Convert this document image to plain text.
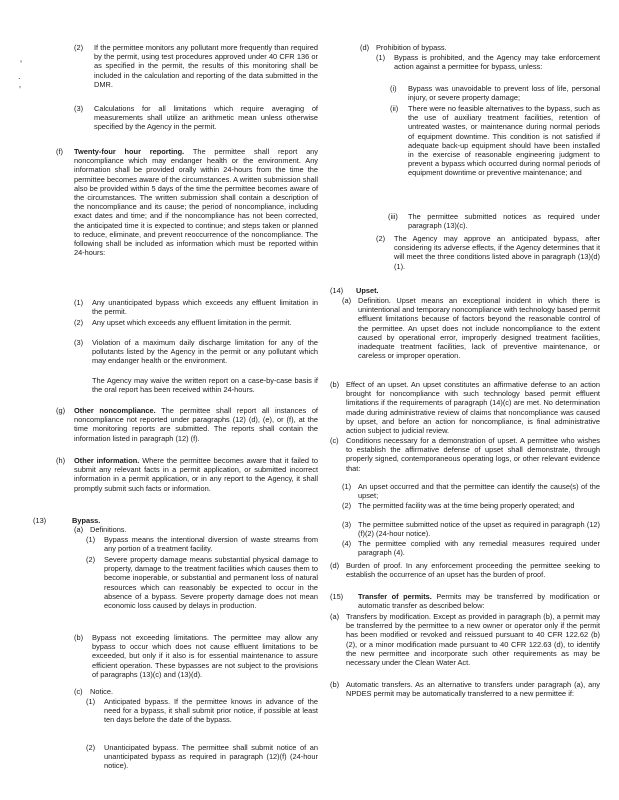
’
.
ʼ
(2) If the permittee monitors any pollutant more frequently than required by the permit, using test procedures approved under 40 CFR 136 or as specified in the permit, the results of this monitoring shall be included in the calculation and reporting of the data submitted in the DMR.
(3) Calculations for all limitations which require averaging of measurements shall utilize an arithmetic mean unless otherwise specified by the Agency in the permit.
(f) Twenty-four hour reporting. The permittee shall report any noncompliance which may endanger health or the environment. Any information shall be provided orally within 24-hours from the time the permittee becomes aware of the circumstances. A written submission shall also be provided within 5 days of the time the permittee becomes aware of the circumstances. The written submission shall contain a description of the noncompliance and its cause; the period of noncompliance, including exact dates and time; and if the noncompliance has not been corrected, the anticipated time it is expected to continue; and steps taken or planned to reduce, eliminate, and prevent reoccurrence of the noncompliance. The following shall be included as information which must be reported within 24-hours:
(1) Any unanticipated bypass which exceeds any effluent limitation in the permit.
(2) Any upset which exceeds any effluent limitation in the permit.
(3) Violation of a maximum daily discharge limitation for any of the pollutants listed by the Agency in the permit or any pollutant which may endanger health or the environment.
The Agency may waive the written report on a case-by-case basis if the oral report has been received within 24-hours.
(g) Other noncompliance. The permittee shall report all instances of noncompliance not reported under paragraphs (12) (d), (e), or (f), at the time monitoring reports are submitted. The reports shall contain the information listed in paragraph (12) (f).
(h) Other information. Where the permittee becomes aware that it failed to submit any relevant facts in a permit application, or submitted incorrect information in a permit application, or in any report to the Agency, it shall promptly submit such facts or information.
(13)	Bypass.
(a) Definitions.
(1) Bypass means the intentional diversion of waste streams from any portion of a treatment facility.
(2) Severe property damage means substantial physical damage to property, damage to the treatment facilities which causes them to become inoperable, or substantial and permanent loss of natural resources which can reasonably be expected to occur in the absence of a bypass. Severe property damage does not mean economic loss caused by delays in production.
(b) Bypass not exceeding limitations. The permittee may allow any bypass to occur which does not cause effluent limitations to be exceeded, but only if it also is for essential maintenance to assure efficient operation. These bypasses are not subject to the provisions of paragraphs (13)(c) and (13)(d).
(c) Notice.
(1) Anticipated bypass. If the permittee knows in advance of the need for a bypass, it shall submit prior notice, if possible at least ten days before the date of the bypass.
(2) Unanticipated bypass. The permittee shall submit notice of an unanticipated bypass as required in paragraph (12)(f) (24-hour notice).
(d) Prohibition of bypass.
(1) Bypass is prohibited, and the Agency may take enforcement action against a permittee for bypass, unless:
(i) Bypass was unavoidable to prevent loss of life, personal injury, or severe property damage;
(ii) There were no feasible alternatives to the bypass, such as the use of auxiliary treatment facilities, retention of untreated wastes, or maintenance during normal periods of equipment downtime. This condition is not satisfied if adequate back-up equipment should have been installed in the exercise of reasonable engineering judgment to prevent a bypass which occurred during normal periods of equipment downtime or preventive maintenance; and
(iii) The permittee submitted notices as required under paragraph (13)(c).
(2) The Agency may approve an anticipated bypass, after considering its adverse effects, if the Agency determines that it will meet the three conditions listed above in paragraph (13)(d)(1).
(14) Upset.
(a) Definition. Upset means an exceptional incident in which there is unintentional and temporary noncompliance with technology based permit effluent limitations because of factors beyond the reasonable control of the permittee. An upset does not include noncompliance to the extent caused by operational error, improperly designed treatment facilities, inadequate treatment facilities, lack of preventive maintenance, or careless or improper operation.
(b) Effect of an upset. An upset constitutes an affirmative defense to an action brought for noncompliance with such technology based permit effluent limitations if the requirements of paragraph (14)(c) are met. No determination made during administrative review of claims that noncompliance was caused by upset, and before an action for noncompliance, is final administrative action subject to judicial review.
(c) Conditions necessary for a demonstration of upset. A permittee who wishes to establish the affirmative defense of upset shall demonstrate, through properly signed, contemporaneous operating logs, or other relevant evidence that:
(1) An upset occurred and that the permittee can identify the cause(s) of the upset;
(2) The permitted facility was at the time being properly operated; and
(3) The permittee submitted notice of the upset as required in paragraph (12)(f)(2) (24-hour notice).
(4) The permittee complied with any remedial measures required under paragraph (4).
(d) Burden of proof. In any enforcement proceeding the permittee seeking to establish the occurrence of an upset has the burden of proof.
(15) Transfer of permits. Permits may be transferred by modification or automatic transfer as described below:
(a) Transfers by modification. Except as provided in paragraph (b), a permit may be transferred by the permittee to a new owner or operator only if the permit has been modified or revoked and reissued pursuant to 40 CFR 122.62 (b) (2), or a minor modification made pursuant to 40 CFR 122.63 (d), to identify the new permittee and incorporate such other requirements as may be necessary under the Clean Water Act.
(b) Automatic transfers. As an alternative to transfers under paragraph (a), any NPDES permit may be automatically transferred to a new permittee if:
